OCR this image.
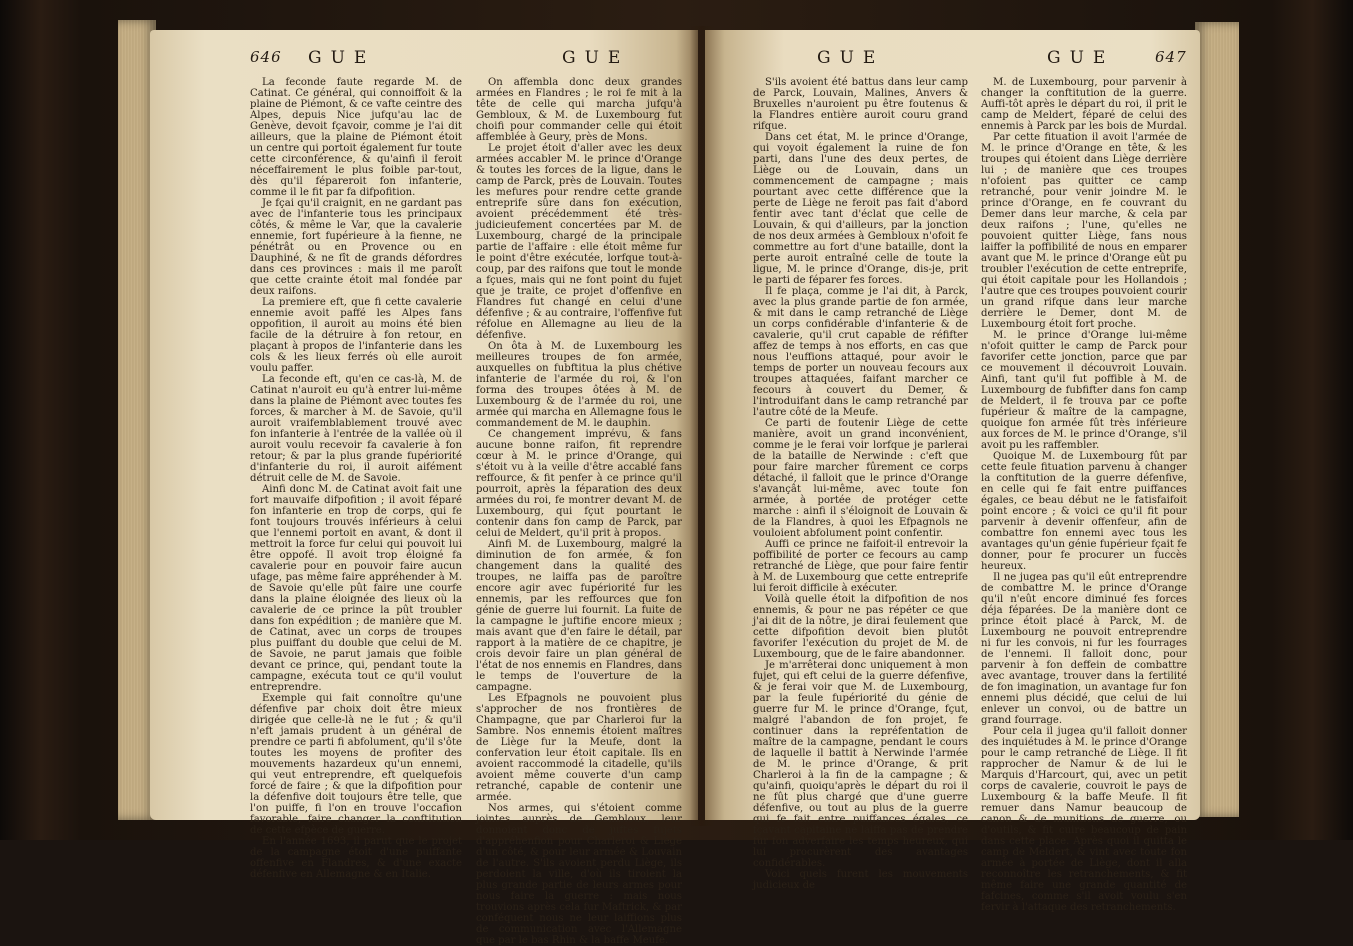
646 GUE	GUE

La feconde faute regarde M. de Catinat. Ce général, qui connoiffoit & la plaine de Piémont, & ce vafte ceintre des Alpes, depuis Nice jufqu'au lac de Genève, devoit fçavoir, comme je l'ai dit ailleurs, que la plaine de Piémont étoit un centre qui portoit également fur toute cette circonférence, & qu'ainfi il feroit néceffairement le plus foible par-tout, dès qu'il fépareroit fon infanterie, comme il le fit par fa difpofition.

Je fçai qu'il craignit, en ne gardant pas avec de l'infanterie tous les principaux côtés, & même le Var, que la cavalerie ennemie, fort fupérieure à la fienne, ne pénétrât ou en Provence ou en Dauphiné, & ne fît de grands défordres dans ces provinces : mais il me paroît que cette crainte étoit mal fondée par deux raifons.

La premiere eft, que fi cette cavalerie ennemie avoit paffé les Alpes fans oppofition, il auroit au moins été bien facile de la détruire à fon retour, en plaçant à propos de l'infanterie dans les cols & les lieux ferrés où elle auroit voulu paffer.

La feconde eft, qu'en ce cas-là, M. de Catinat n'auroit eu qu'à entrer lui-même dans la plaine de Piémont avec toutes fes forces, & marcher à M. de Savoie, qu'il auroit vraifemblablement trouvé avec fon infanterie à l'entrée de la vallée où il auroit voulu recevoir fa cavalerie à fon retour; & par la plus grande fupériorité d'infanterie du roi, il auroit aifément détruit celle de M. de Savoie.

Ainfi donc M. de Catinat avoit fait une fort mauvaife difpofition ; il avoit féparé fon infanterie en trop de corps, qui fe font toujours trouvés inférieurs à celui que l'ennemi portoit en avant, & dont il mettroit la force fur celui qui pouvoit lui être oppofé. Il avoit trop éloigné fa cavalerie pour en pouvoir faire aucun ufage, pas même faire appréhender à M. de Savoie qu'elle pût faire une courfe dans la plaine éloignée des lieux où la cavalerie de ce prince la pût troubler dans fon expédition ; de manière que M. de Catinat, avec un corps de troupes plus puiffant du double que celui de M. de Savoie, ne parut jamais que foible devant ce prince, qui, pendant toute la campagne, exécuta tout ce qu'il voulut entreprendre.

Exemple qui fait connoître qu'une défenfive par choix doit être mieux dirigée que celle-là ne le fut ; & qu'il n'eft jamais prudent à un général de prendre ce parti fi abfolument, qu'il s'ôte toutes les moyens de profiter des mouvements hazardeux qu'un ennemi, qui veut entreprendre, eft quelquefois forcé de faire ; & que la difpofition pour la défenfive doit toujours être telle, que l'on puiffe, fi l'on en trouve l'occafion favorable, faire changer la conftitution de cette efpèce de guerre.

En l'année 1693, il parut que le projet de la campagne étoit d'une puiffante offenfive en Flandres, & d'une exacte défenfive en Allemagne & en Italie.

On affembla donc deux grandes armées en Flandres ; le roi fe mit à la tête de celle qui marcha jufqu'à Gembloux, & M. de Luxembourg fut choifi pour commander celle qui étoit affemblée à Geury, près de Mons.

Le projet étoit d'aller avec les deux armées accabler M. le prince d'Orange & toutes les forces de la ligue, dans le camp de Parck, près de Louvain. Toutes les mefures pour rendre cette grande entreprife sûre dans fon exécution, avoient précédemment été très-judicieufement concertées par M. de Luxembourg, chargé de la principale partie de l'affaire : elle étoit même fur le point d'être exécutée, lorfque tout-à-coup, par des raifons que tout le monde a fçues, mais qui ne font point du fujet que je traite, ce projet d'offenfive en Flandres fut changé en celui d'une défenfive ; & au contraire, l'offenfive fut réfolue en Allemagne au lieu de la défenfive.

On ôta à M. de Luxembourg les meilleures troupes de fon armée, auxquelles on fubftitua la plus chétive infanterie de l'armée du roi, & l'on forma des troupes ôtées à M. de Luxembourg & de l'armée du roi, une armée qui marcha en Allemagne fous le commandement de M. le dauphin.

Ce changement imprévu, & fans aucune bonne raifon, fit reprendre cœur à M. le prince d'Orange, qui s'étoit vu à la veille d'être accablé fans reffource, & fit penfer à ce prince qu'il pourroit, après la féparation des deux armées du roi, fe montrer devant M. de Luxembourg, qui fçut pourtant le contenir dans fon camp de Parck, par celui de Meldert, qu'il prit à propos.

Ainfi M. de Luxembourg, malgré la diminution de fon armée, & fon changement dans la qualité des troupes, ne laiffa pas de paroître encore agir avec fupériorité fur les ennemis, par les reffources que fon génie de guerre lui fournit. La fuite de la campagne le juftifie encore mieux ; mais avant que d'en faire le détail, par rapport à la matière de ce chapitre, je crois devoir faire un plan général de l'état de nos ennemis en Flandres, dans le temps de l'ouverture de la campagne.

Les Efpagnols ne pouvoient plus s'approcher de nos frontières de Champagne, que par Charleroi fur la Sambre. Nos ennemis étoient maîtres de Liège fur la Meufe, dont la confervation leur étoit capitale. Ils en avoient raccommodé la citadelle, qu'ils avoient même couverte d'un camp retranché, capable de contenir une armée.

Nos armes, qui s'étoient comme jointes auprès de Gembloux, leur donnoient donc de juftes fujets d'appréhenfion pour Charleroi & Liège d'un côté, & pour leur armée & Louvain de l'autre. S'ils avoient perdu Liège, ils perdoient la ville, d'où ils tiroient la plus grande partie de leurs armes pour nous faire la guerre : mais nous trouvions après cela fur Maftrick, & par conféquent nous ne leur laiffions plus de communication avec l'Allemagne que par le bas Rhin & la baffe Meufe.

GUE	GUE	647

S'ils avoient été battus dans leur camp de Parck, Louvain, Malines, Anvers & Bruxelles n'auroient pu être foutenus & la Flandres entière auroit couru grand rifque.

Dans cet état, M. le prince d'Orange, qui voyoit également la ruine de fon parti, dans l'une des deux pertes, de Liège ou de Louvain, dans un commencement de campagne ; mais pourtant avec cette différence que la perte de Liège ne feroit pas fait d'abord fentir avec tant d'éclat que celle de Louvain, & qui d'ailleurs, par la jonction de nos deux armées à Gembloux n'ofoit fe commettre au fort d'une bataille, dont la perte auroit entraîné celle de toute la ligue, M. le prince d'Orange, dis-je, prit le parti de féparer fes forces.

Il fe plaça, comme je l'ai dit, à Parck, avec la plus grande partie de fon armée, & mit dans le camp retranché de Liège un corps confidérable d'infanterie & de cavalerie, qu'il crut capable de réfifter affez de temps à nos efforts, en cas que nous l'euffions attaqué, pour avoir le temps de porter un nouveau fecours aux troupes attaquées, faifant marcher ce fecours à couvert du Demer, & l'introduifant dans le camp retranché par l'autre côté de la Meufe.

Ce parti de foutenir Liège de cette manière, avoit un grand inconvénient, comme je le ferai voir lorfque je parlerai de la bataille de Nerwinde : c'eft que pour faire marcher fûrement ce corps détaché, il falloit que le prince d'Orange s'avançât lui-même, avec toute fon armée, à portée de protéger cette marche : ainfi il s'éloignoit de Louvain & de la Flandres, à quoi les Efpagnols ne vouloient abfolument point confentir.

Auffi ce prince ne faifoit-il entrevoir la poffibilité de porter ce fecours au camp retranché de Liège, que pour faire fentir à M. de Luxembourg que cette entreprife lui feroit difficile à exécuter.

Voilà quelle étoit la difpofition de nos ennemis, & pour ne pas répéter ce que j'ai dit de la nôtre, je dirai feulement que cette difpofition devoit bien plutôt favorifer l'exécution du projet de M. de Luxembourg, que de le faire abandonner.

Je m'arrêterai donc uniquement à mon fujet, qui eft celui de la guerre défenfive, & je ferai voir que M. de Luxembourg, par la feule fupériorité du génie de guerre fur M. le prince d'Orange, fçut, malgré l'abandon de fon projet, fe continuer dans la repréfentation de maître de la campagne, pendant le cours de laquelle il battit à Nerwinde l'armée de M. le prince d'Orange, & prit Charleroi à la fin de la campagne ; & qu'ainfi, quoiqu'après le départ du roi il ne fût plus chargé que d'une guerre défenfive, ou tout au plus de la guerre qui fe fait entre puiffances égales, ce fçavant capitaine ne laiffa pas de prendre fur fon adverfaire les temps heureux, qui lui procurèrent des avantages confidérables.

Voici quels furent les mouvements judicieux de

M. de Luxembourg, pour parvenir à changer la conftitution de la guerre. Auffi-tôt après le départ du roi, il prit le camp de Meldert, féparé de celui des ennemis à Parck par les bois de Murdal.

Par cette fituation il avoit l'armée de M. le prince d'Orange en tête, & les troupes qui étoient dans Liège derrière lui ; de manière que ces troupes n'ofoient pas quitter ce camp retranché, pour venir joindre M. le prince d'Orange, en fe couvrant du Demer dans leur marche, & cela par deux raifons ; l'une, qu'elles ne pouvoient quitter Liège, fans nous laiffer la poffibilité de nous en emparer avant que M. le prince d'Orange eût pu troubler l'exécution de cette entreprife, qui étoit capitale pour les Hollandois ; l'autre que ces troupes pouvoient courir un grand rifque dans leur marche derrière le Demer, dont M. de Luxembourg étoit fort proche.

M. le prince d'Orange lui-même n'ofoit quitter le camp de Parck pour favorifer cette jonction, parce que par ce mouvement il découvroit Louvain. Ainfi, tant qu'il fut poffible à M. de Luxembourg de fubfifter dans fon camp de Meldert, il fe trouva par ce pofte fupérieur & maître de la campagne, quoique fon armée fût très inférieure aux forces de M. le prince d'Orange, s'il avoit pu les raffembler.

Quoique M. de Luxembourg fût par cette feule fituation parvenu à changer la conftitution de la guerre défenfive, en celle qui fe fait entre puiffances égales, ce beau début ne le fatisfaifoit point encore ; & voici ce qu'il fit pour parvenir à devenir offenfeur, afin de combattre fon ennemi avec tous les avantages qu'un génie fupérieur fçait fe donner, pour fe procurer un fuccès heureux.

Il ne jugea pas qu'il eût entreprendre de combattre M. le prince d'Orange qu'il n'eût encore diminué fes forces déja féparées. De la manière dont ce prince étoit placé à Parck, M. de Luxembourg ne pouvoit entreprendre ni fur les convois, ni fur les fourrages de l'ennemi. Il falloit donc, pour parvenir à fon deffein de combattre avec avantage, trouver dans la fertilité de fon imagination, un avantage fur fon ennemi plus décidé, que celui de lui enlever un convoi, ou de battre un grand fourrage.

Pour cela il jugea qu'il falloit donner des inquiétudes à M. le prince d'Orange pour le camp retranché de Liège. Il fit rapprocher de Namur & de lui le Marquis d'Harcourt, qui, avec un petit corps de cavalerie, couvroit le pays de Luxembourg & la baffe Meufe. Il fit remuer dans Namur beaucoup de canon & de munitions de guerre, ou d'outils, & fit cuire beaucoup de pain dans cette place. Après quoi il quitta le camp de Meldert, & vint avec toute fon armée à portée de Liège, dont il alla reconnoître les retranchements, & fit même faire une grande quantité de fafcines, comme s'il avoit voulu s'en fervir à l'attaque des retranchements.
